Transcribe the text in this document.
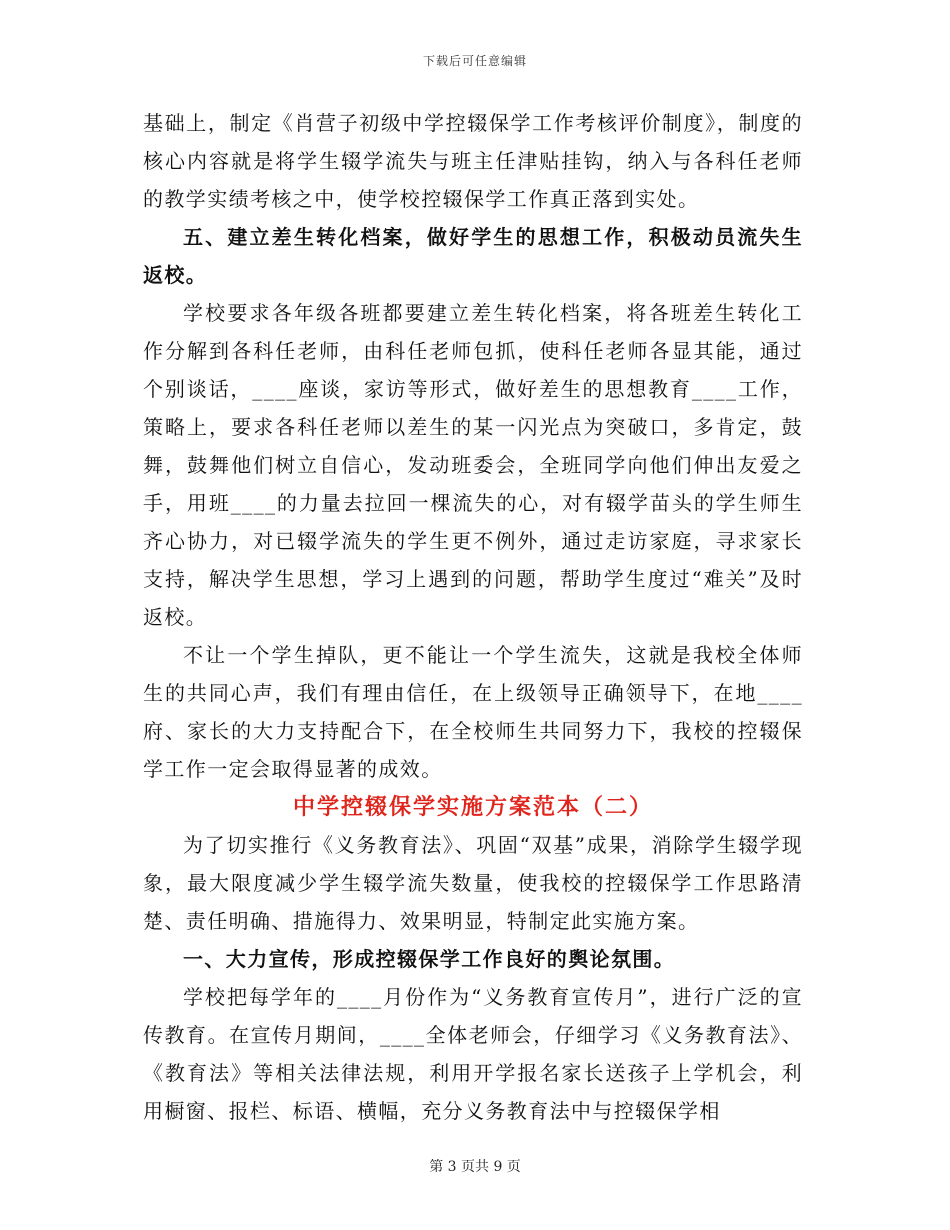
下载后可任意编辑

基础上，制定《肖营子初级中学控辍保学工作考核评价制度》，制度的核心内容就是将学生辍学流失与班主任津贴挂钩，纳入与各科任老师的教学实绩考核之中，使学校控辍保学工作真正落到实处。

五、建立差生转化档案，做好学生的思想工作，积极动员流失生返校。

学校要求各年级各班都要建立差生转化档案，将各班差生转化工作分解到各科任老师，由科任老师包抓，使科任老师各显其能，通过个别谈话，____座谈，家访等形式，做好差生的思想教育____工作，策略上，要求各科任老师以差生的某一闪光点为突破口，多肯定，鼓舞，鼓舞他们树立自信心，发动班委会，全班同学向他们伸出友爱之手，用班____的力量去拉回一棵流失的心，对有辍学苗头的学生师生齐心协力，对已辍学流失的学生更不例外，通过走访家庭，寻求家长支持，解决学生思想，学习上遇到的问题，帮助学生度过“难关”及时返校。

不让一个学生掉队，更不能让一个学生流失，这就是我校全体师生的共同心声，我们有理由信任，在上级领导正确领导下，在地____府、家长的大力支持配合下，在全校师生共同努力下，我校的控辍保学工作一定会取得显著的成效。

中学控辍保学实施方案范本（二）

为了切实推行《义务教育法》、巩固“双基”成果，消除学生辍学现象，最大限度减少学生辍学流失数量，使我校的控辍保学工作思路清楚、责任明确、措施得力、效果明显，特制定此实施方案。

一、大力宣传，形成控辍保学工作良好的舆论氛围。

学校把每学年的____月份作为“义务教育宣传月”，进行广泛的宣传教育。在宣传月期间，____全体老师会，仔细学习《义务教育法》、《教育法》等相关法律法规，利用开学报名家长送孩子上学机会，利用橱窗、报栏、标语、横幅，充分义务教育法中与控辍保学相

第 3 页共 9 页
